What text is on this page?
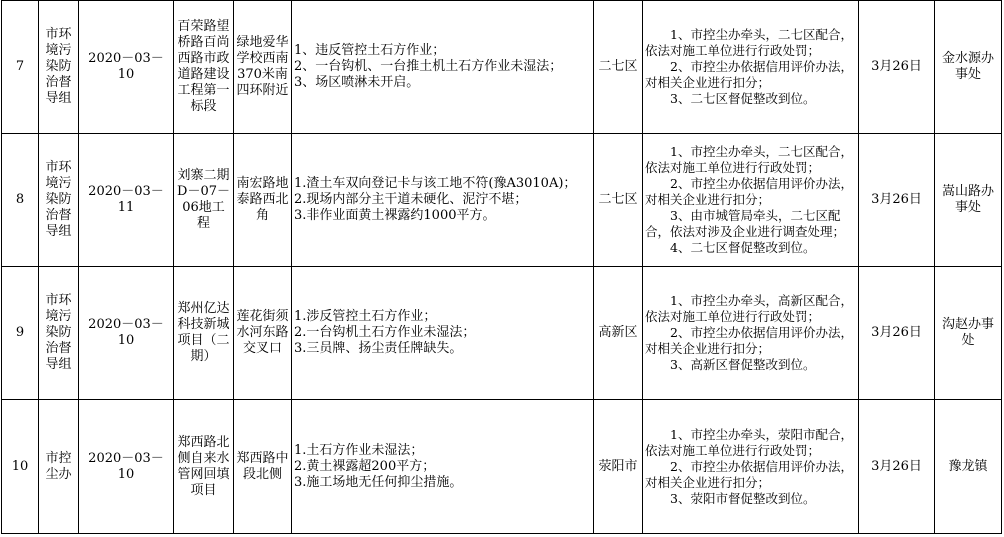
7	市环境污染防治督导组	2020－03－10	百荣路望桥路百尚西路市政道路建设工程第一标段	绿地爱华学校西南370米南四环附近	1、违反管控土石方作业；
2、一台钩机、一台推土机土石方作业未湿法；
3、场区喷淋未开启。	二七区	1、市控尘办牵头，二七区配合，依法对施工单位进行行政处罚；
2、市控尘办依据信用评价办法，对相关企业进行扣分；
3、二七区督促整改到位。	3月26日	金水源办事处
8	市环境污染防治督导组	2020－03－11	刘寨二期D－07－06地工程	南宏路地泰路西北角	1.渣土车双向登记卡与该工地不符(豫A3010A)；
2.现场内部分主干道未硬化、泥泞不堪；
3.非作业面黄土裸露约1000平方。	二七区	1、市控尘办牵头，二七区配合，依法对施工单位进行行政处罚；
2、市控尘办依据信用评价办法，对相关企业进行扣分；
3、由市城管局牵头，二七区配合，依法对涉及企业进行调查处理；
4、二七区督促整改到位。	3月26日	嵩山路办事处
9	市环境污染防治督导组	2020－03－10	郑州亿达科技新城项目（二期）	莲花街须水河东路交叉口	1.涉反管控土石方作业；
2.一台钩机土石方作业未湿法；
3.三员牌、扬尘责任牌缺失。	高新区	1、市控尘办牵头，高新区配合，依法对施工单位进行行政处罚；
2、市控尘办依据信用评价办法，对相关企业进行扣分；
3、高新区督促整改到位。	3月26日	沟赵办事处
10	市控尘办	2020－03－10	郑西路北侧自来水管网回填项目	郑西路中段北侧	1.土石方作业未湿法；
2.黄土裸露超200平方；
3.施工场地无任何抑尘措施。	荥阳市	1、市控尘办牵头，荥阳市配合，依法对施工单位进行行政处罚；
2、市控尘办依据信用评价办法，对相关企业进行扣分；
3、荥阳市督促整改到位。	3月26日	豫龙镇
